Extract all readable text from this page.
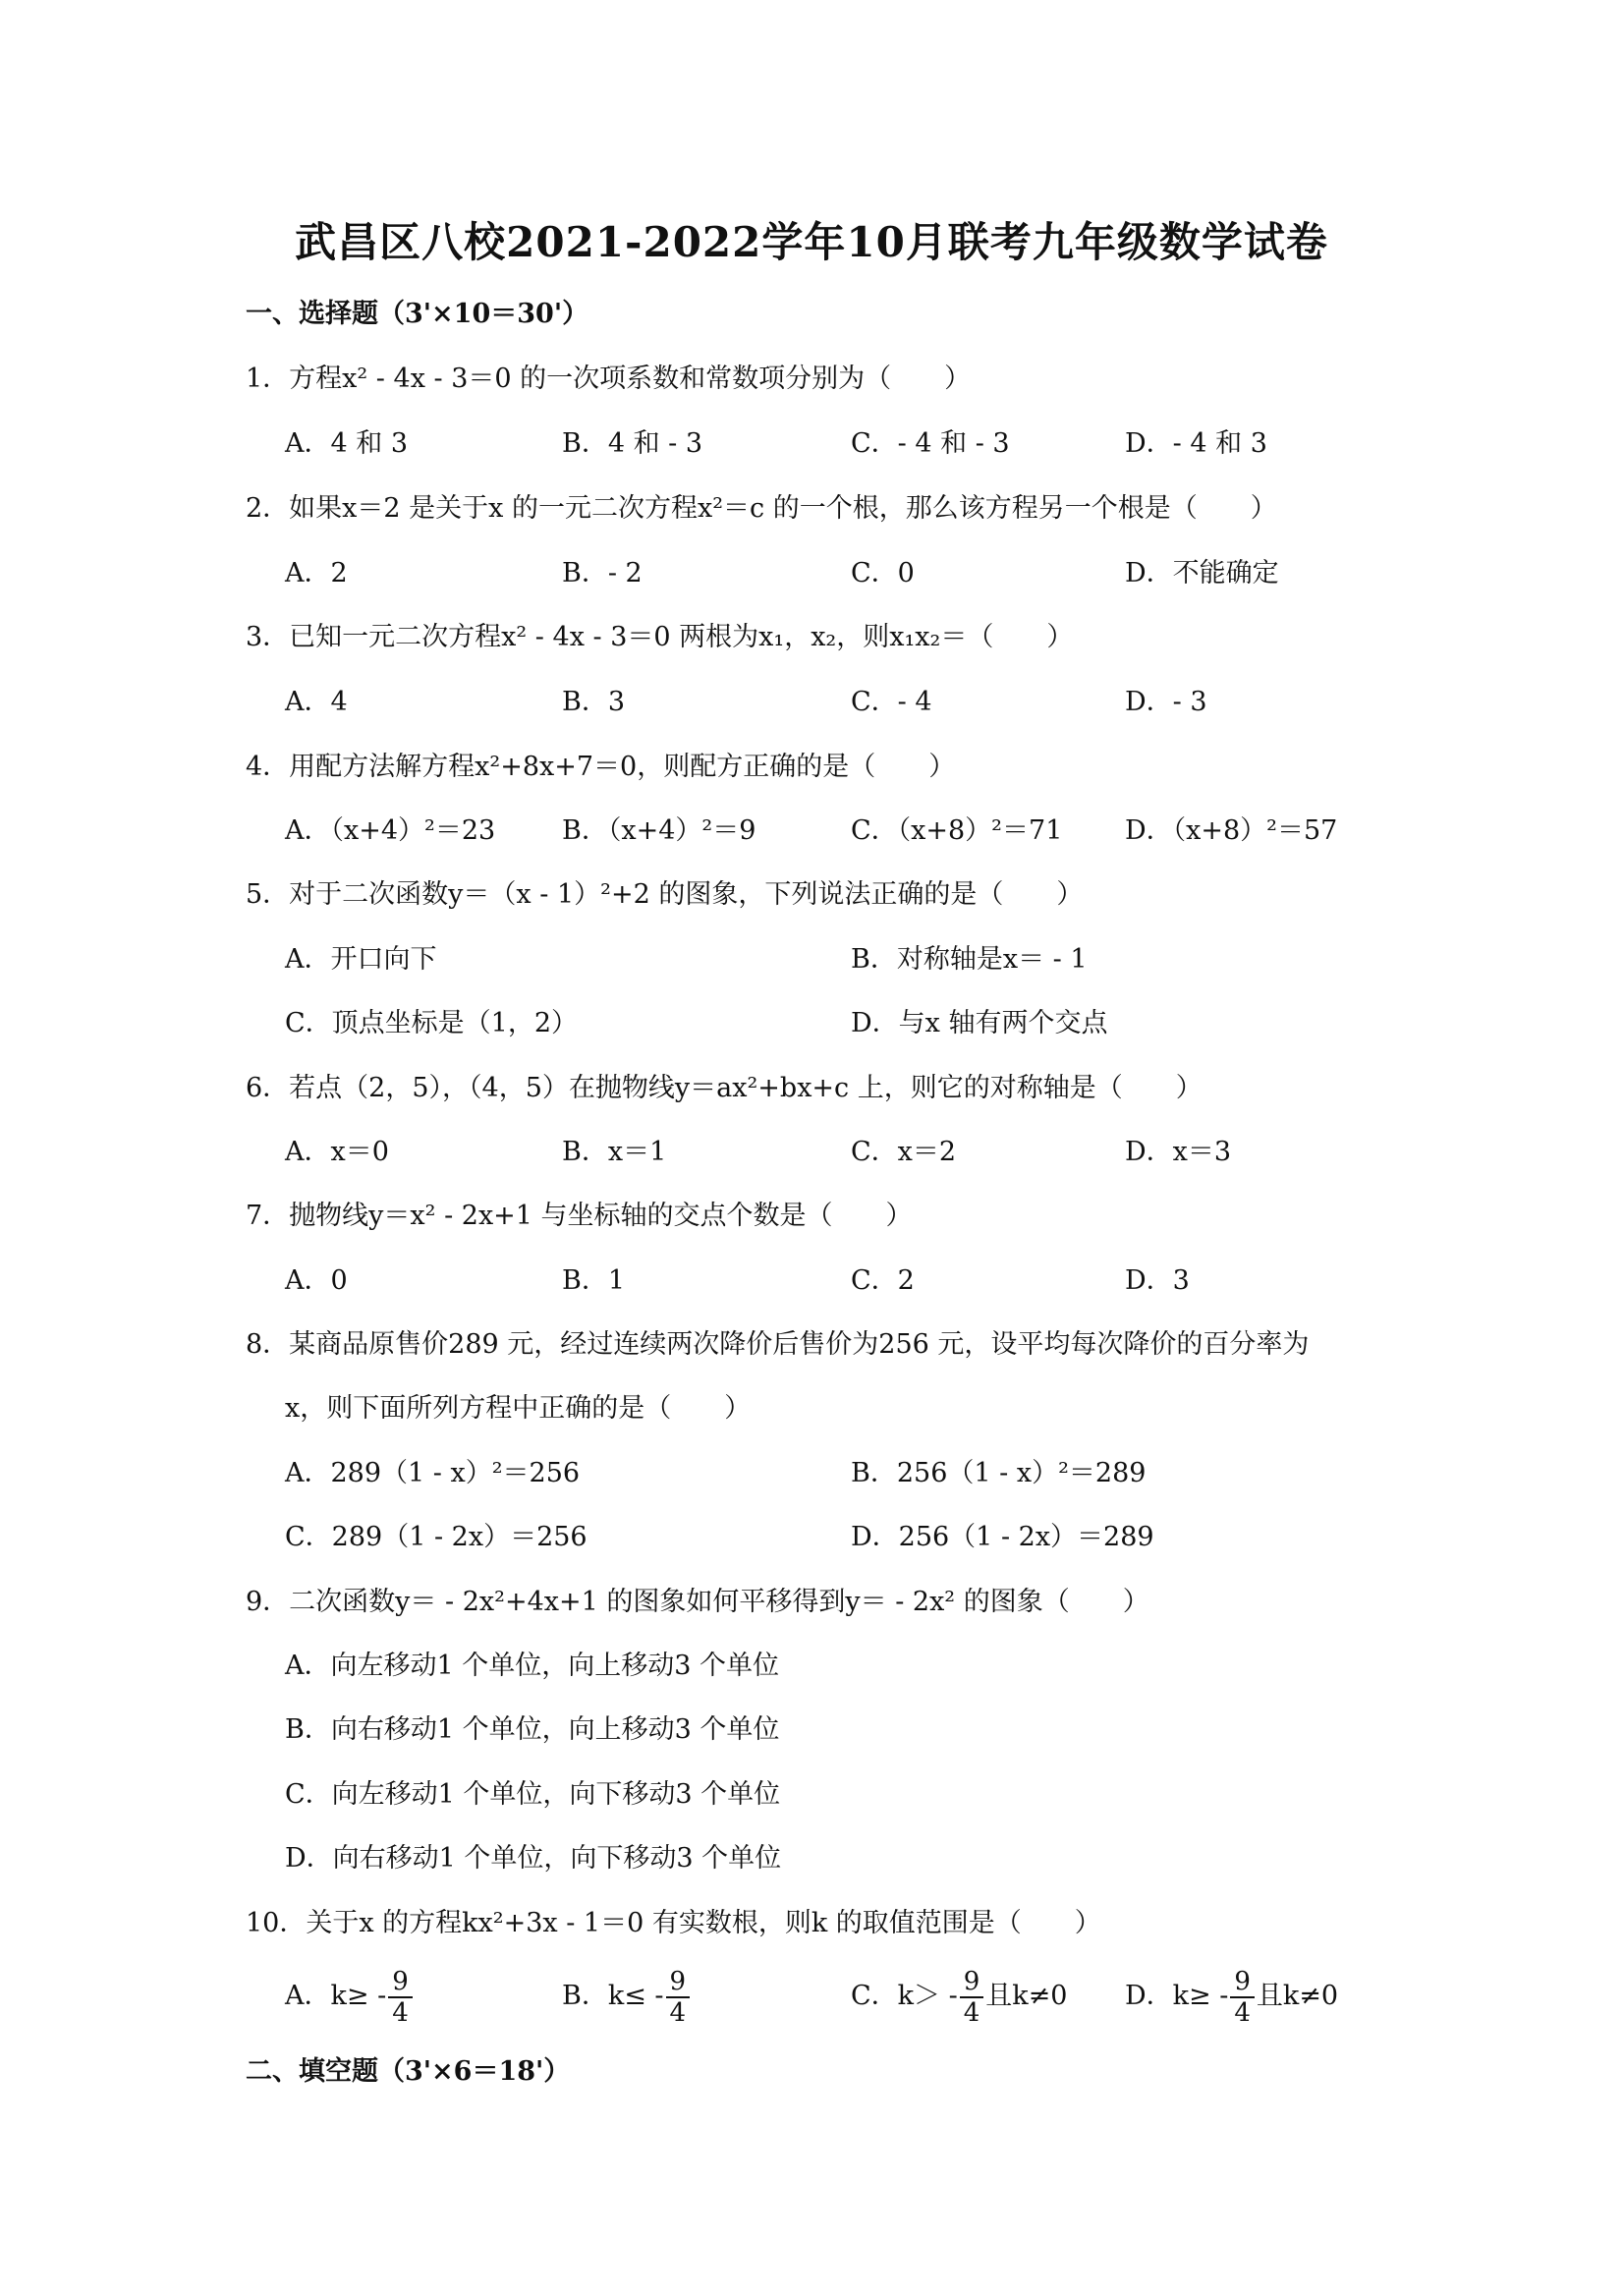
武昌区八校2021-2022学年10月联考九年级数学试卷
一、选择题（3'×10＝30'）
1．方程x² - 4x - 3＝0 的一次项系数和常数项分别为（　　）
A．4 和 3	B．4 和 - 3	C．- 4 和 - 3	D．- 4 和 3
2．如果x＝2 是关于x 的一元二次方程x²＝c 的一个根，那么该方程另一个根是（　　）
A．2	B．- 2	C．0	D．不能确定
3．已知一元二次方程x² - 4x - 3＝0 两根为x₁，x₂，则x₁x₂＝（　　）
A．4	B．3	C．- 4	D．- 3
4．用配方法解方程x²+8x+7＝0，则配方正确的是（　　）
A．（x+4）²＝23	B．（x+4）²＝9	C．（x+8）²＝71 D．（x+8）²＝57
5．对于二次函数y＝（x - 1）²+2 的图象，下列说法正确的是（　　）
A．开口向下	B．对称轴是x＝ - 1
C．顶点坐标是（1，2）	D．与x 轴有两个交点
6．若点（2，5），（4，5）在抛物线y＝ax²+bx+c 上，则它的对称轴是（　　）
A．x＝0	B．x＝1	C．x＝2	D．x＝3
7．抛物线y＝x² - 2x+1 与坐标轴的交点个数是（　　）
A．0	B．1	C．2	D．3
8．某商品原售价289 元，经过连续两次降价后售价为256 元，设平均每次降价的百分率为
x，则下面所列方程中正确的是（　　）
A．289（1 - x）²＝256	B．256（1 - x）²＝289
C．289（1 - 2x）＝256	D．256（1 - 2x）＝289
9．二次函数y＝ - 2x²+4x+1 的图象如何平移得到y＝ - 2x² 的图象（　　）
A．向左移动1 个单位，向上移动3 个单位
B．向右移动1 个单位，向上移动3 个单位
C．向左移动1 个单位，向下移动3 个单位
D．向右移动1 个单位，向下移动3 个单位
10．关于x 的方程kx²+3x - 1＝0 有实数根，则k 的取值范围是（　　）
A．$k\ge - \frac{9}{4}$	B．$k\le - \frac{9}{4}$	C．$k> - \frac{9}{4}$ 且k≠0 D．$k\ge - \frac{9}{4}$ 且k≠0
二、填空题（3'×6＝18'）
